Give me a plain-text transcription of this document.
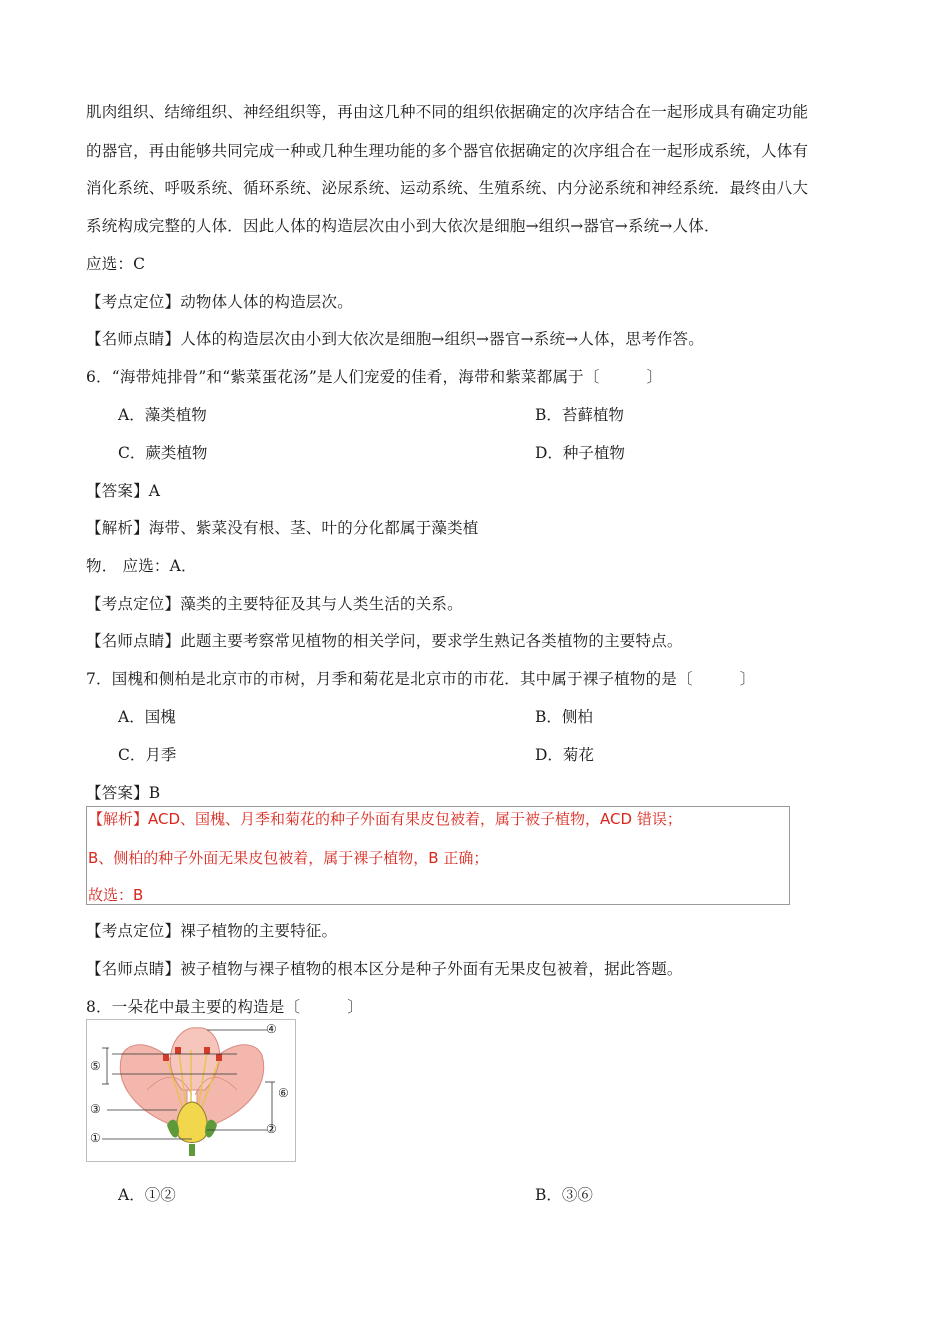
肌肉组织、结缔组织、神经组织等，再由这几种不同的组织依据确定的次序结合在一起形成具有确定功能
的器官，再由能够共同完成一种或几种生理功能的多个器官依据确定的次序组合在一起形成系统，人体有
消化系统、呼吸系统、循环系统、泌尿系统、运动系统、生殖系统、内分泌系统和神经系统．最终由八大
系统构成完整的人体．因此人体的构造层次由小到大依次是细胞→组织→器官→系统→人体．
应选：C
【考点定位】动物体人体的构造层次。
【名师点睛】人体的构造层次由小到大依次是细胞→组织→器官→系统→人体，思考作答。
6．“海带炖排骨”和“紫菜蛋花汤”是人们宠爱的佳肴，海带和紫菜都属于〔　　　〕
A．藻类植物	B．苔藓植物
C．蕨类植物	D．种子植物
【答案】A
【解析】海带、紫菜没有根、茎、叶的分化都属于藻类植
物． 应选：A．
【考点定位】藻类的主要特征及其与人类生活的关系。
【名师点睛】此题主要考察常见植物的相关学问，要求学生熟记各类植物的主要特点。
7．国槐和侧柏是北京市的市树，月季和菊花是北京市的市花．其中属于裸子植物的是〔　　　〕
A．国槐	B．侧柏
C．月季	D．菊花
【答案】B
【解析】ACD、国槐、月季和菊花的种子外面有果皮包被着，属于被子植物，ACD 错误；
B、侧柏的种子外面无果皮包被着，属于裸子植物，B 正确；
故选：B
【考点定位】裸子植物的主要特征。
【名师点睛】被子植物与裸子植物的根本区分是种子外面有无果皮包被着，据此答题。
8．一朵花中最主要的构造是〔　　　〕
④
⑤
⑥
③
②
①
A．①②	B．③⑥
